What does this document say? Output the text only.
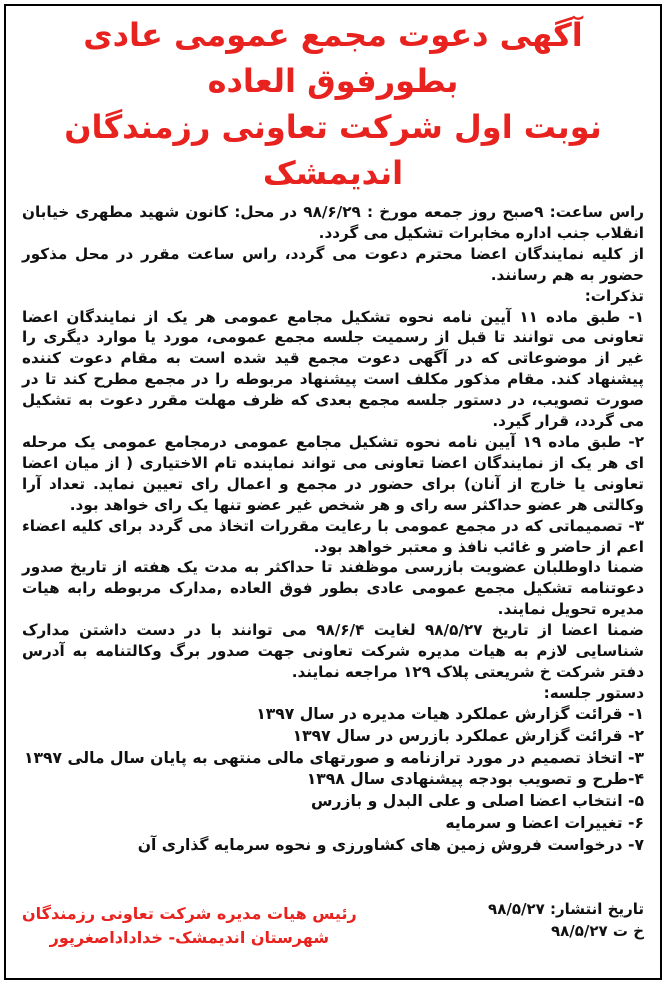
آگهی دعوت مجمع عمومی عادی بطورفوق العاده
نوبت اول شرکت تعاونی رزمندگان اندیمشک

راس ساعت: ۹صبح روز جمعه مورخ : ۹۸/۶/۲۹ در محل: کانون شهید مطهری خیابان انقلاب جنب اداره مخابرات تشکیل می گردد.

از کلیه نمایندگان اعضا محترم دعوت می گردد، راس ساعت مقرر در محل مذکور حضور به هم رسانند.

تذکرات:

۱- طبق ماده ۱۱ آیین نامه نحوه تشکیل مجامع عمومی هر یک از نمایندگان اعضا تعاونی می توانند تا قبل از رسمیت جلسه مجمع عمومی، مورد یا موارد دیگری را غیر از موضوعاتی که در آگهی دعوت مجمع قید شده است به مقام دعوت کننده پیشنهاد کند. مقام مذکور مکلف است پیشنهاد مربوطه را در مجمع مطرح کند تا در صورت تصویب، در دستور جلسه مجمع بعدی که ظرف مهلت مقرر دعوت به تشکیل می گردد، قرار گیرد.

۲- طبق ماده ۱۹ آیین نامه نحوه تشکیل مجامع عمومی درمجامع عمومی یک مرحله ای هر یک از نمایندگان اعضا تعاونی می تواند نماینده تام الاختیاری ( از میان اعضا تعاونی یا خارج از آنان) برای حضور در مجمع و اعمال رای تعیین نماید. تعداد آرا وکالتی هر عضو حداکثر سه رای و هر شخص غیر عضو تنها یک رای خواهد بود.

۳- تصمیماتی که در مجمع عمومی با رعایت مقررات اتخاذ می گردد برای کلیه اعضاء اعم از حاضر و غائب نافذ و معتبر خواهد بود.

ضمنا داوطلبان عضویت بازرسی موظفند تا حداکثر به مدت یک هفته از تاریخ صدور دعوتنامه تشکیل مجمع عمومی عادی بطور فوق العاده ,مدارک مربوطه رابه هیات مدیره تحویل نمایند.

ضمنا اعضا از تاریخ ۹۸/۵/۲۷ لغایت ۹۸/۶/۴ می توانند با در دست داشتن مدارک شناسایی لازم به هیات مدیره شرکت تعاونی جهت صدور برگ وکالتنامه به آدرس دفتر شرکت خ شریعتی پلاک ۱۲۹ مراجعه نمایند.

دستور جلسه:

۱- قرائت گزارش عملکرد هیات مدیره در سال ۱۳۹۷
۲- قرائت گزارش عملکرد بازرس در سال ۱۳۹۷
۳- اتخاذ تصمیم در مورد ترازنامه و صورتهای مالی منتهی به پایان سال مالی ۱۳۹۷
۴-طرح و تصویب بودجه پیشنهادی سال ۱۳۹۸
۵- انتخاب اعضا اصلی و علی البدل و بازرس
۶- تغییرات اعضا و سرمایه
۷- درخواست فروش زمین های کشاورزی و نحوه سرمایه گذاری آن
تاریخ انتشار: ۹۸/۵/۲۷
خ ت ۹۸/۵/۲۷
رئیس هیات مدیره شرکت تعاونی رزمندگان
شهرستان اندیمشک- خداداداصغرپور
